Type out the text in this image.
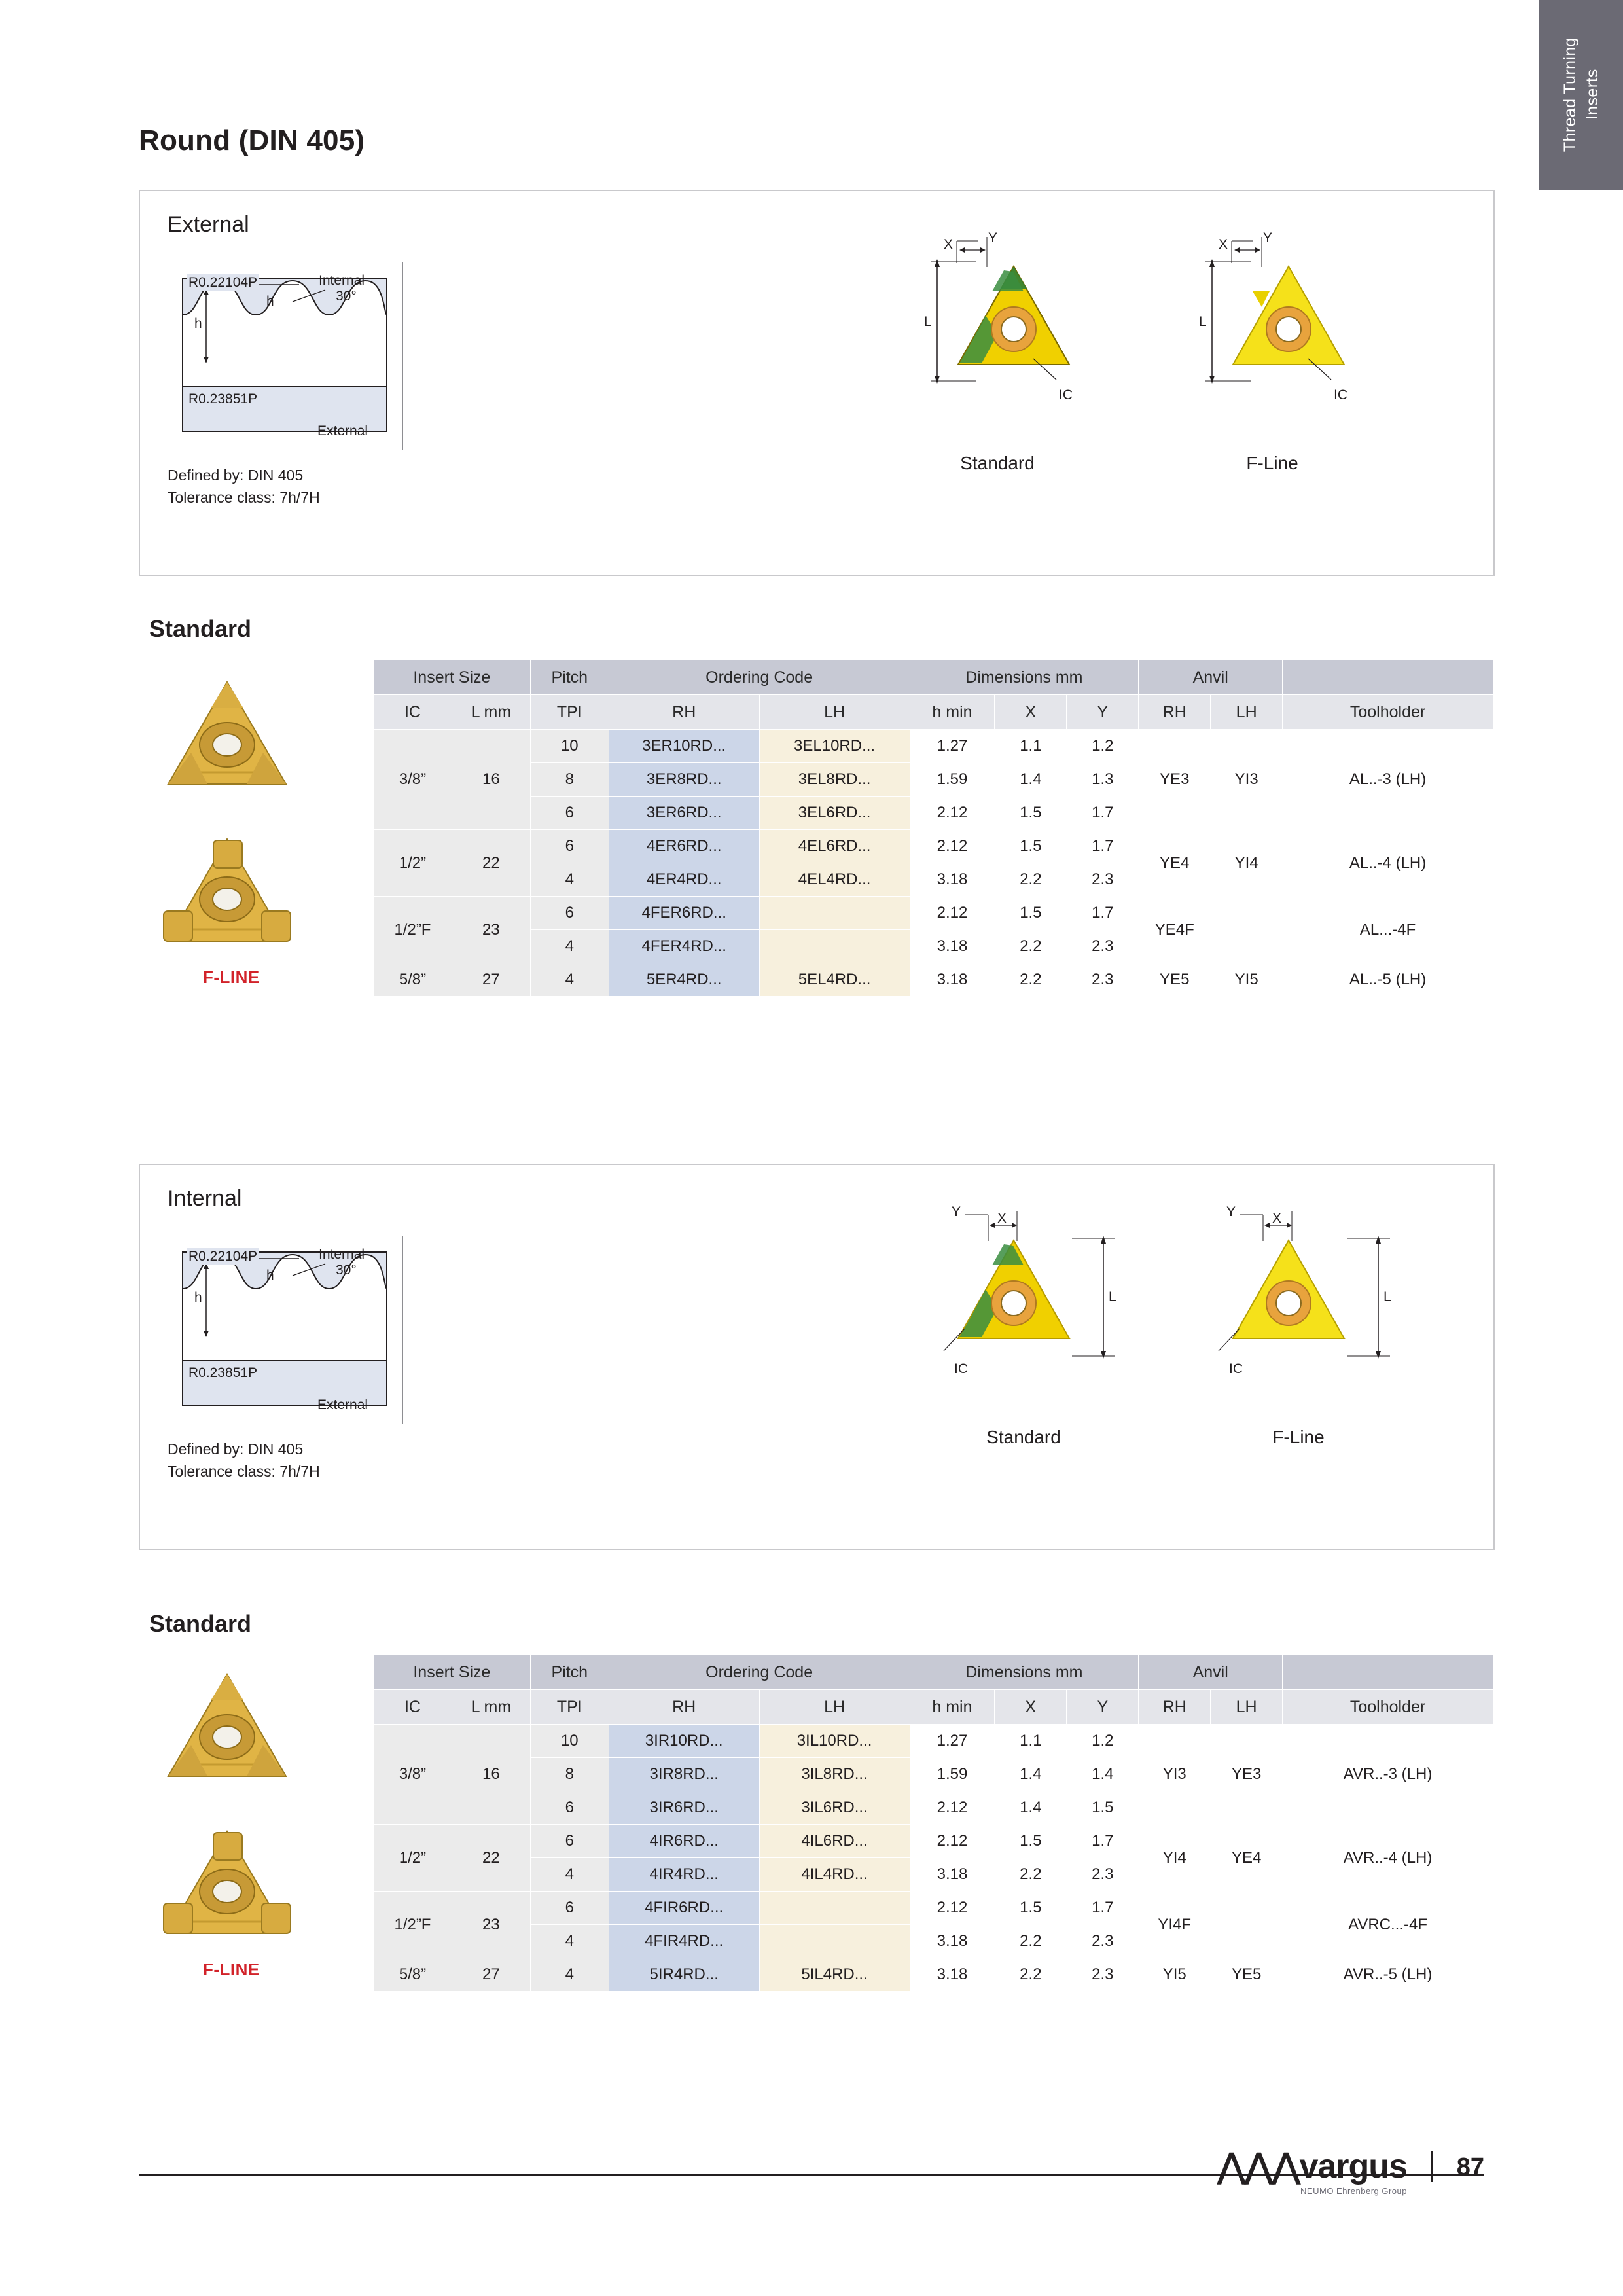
Thread Turning Inserts
Round (DIN 405)
External
R0.22104P	Internal
30°
h
h
R0.23851P
External
Defined by: DIN 405
Tolerance class: 7h/7H
X	Y
L
IC
Standard
X	Y
L
IC
F-Line
Standard
F-LINE
Insert Size		Pitch	Ordering Code		Dimensions mm			Anvil		
IC	L mm	TPI	RH	LH	h min	X	Y	RH	LH	Toolholder
3/8”	16	10	3ER10RD...	3EL10RD...	1.27	1.1	1.2	YE3	YI3	AL..-3 (LH)
		8	3ER8RD...	3EL8RD...	1.59	1.4	1.3			
		6	3ER6RD...	3EL6RD...	2.12	1.5	1.7			
1/2”	22	6	4ER6RD...	4EL6RD...	2.12	1.5	1.7	YE4	YI4	AL..-4 (LH)
		4	4ER4RD...	4EL4RD...	3.18	2.2	2.3			
1/2”F	23	6	4FER6RD...		2.12	1.5	1.7	YE4F		AL...-4F
		4	4FER4RD...		3.18	2.2	2.3			
5/8”	27	4	5ER4RD...	5EL4RD...	3.18	2.2	2.3	YE5	YI5	AL..-5 (LH)
Internal
R0.22104P	Internal
30°
h
h
R0.23851P
External
Defined by: DIN 405
Tolerance class: 7h/7H
X
Y
L
IC
Standard
X
Y
L
IC
F-Line
Standard
F-LINE
Insert Size		Pitch	Ordering Code		Dimensions mm			Anvil		
IC	L mm	TPI	RH	LH	h min	X	Y	RH	LH	Toolholder
3/8”	16	10	3IR10RD...	3IL10RD...	1.27	1.1	1.2	YI3	YE3	AVR..-3 (LH)
		8	3IR8RD...	3IL8RD...	1.59	1.4	1.4			
		6	3IR6RD...	3IL6RD...	2.12	1.4	1.5			
1/2”	22	6	4IR6RD...	4IL6RD...	2.12	1.5	1.7	YI4	YE4	AVR..-4 (LH)
		4	4IR4RD...	4IL4RD...	3.18	2.2	2.3			
1/2”F	23	6	4FIR6RD...		2.12	1.5	1.7	YI4F		AVRC...-4F
		4	4FIR4RD...		3.18	2.2	2.3			
5/8”	27	4	5IR4RD...	5IL4RD...	3.18	2.2	2.3	YI5	YE5	AVR..-5 (LH)
⋀⋀⋀vargus
NEUMO Ehrenberg Group
87
